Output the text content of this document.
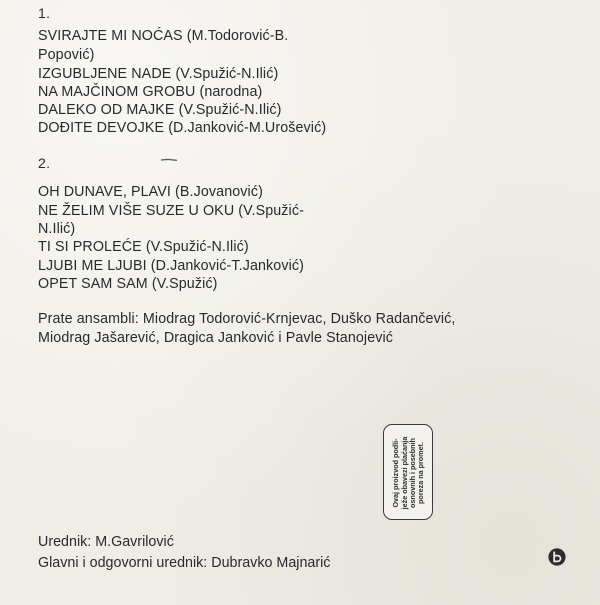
1.
SVIRAJTE MI NOĆAS (M.Todorović-B.
Popović)
IZGUBLJENE NADE (V.Spužić-N.Ilić)
NA MAJČINOM GROBU (narodna)
DALEKO OD MAJKE (V.Spužić-N.Ilić)
DOĐITE DEVOJKE (D.Janković-M.Urošević)
2.
OH DUNAVE, PLAVI (B.Jovanović)
NE ŽELIM VIŠE SUZE U OKU (V.Spužić-
N.Ilić)
TI SI PROLEĆE (V.Spužić-N.Ilić)
LJUBI ME LJUBI (D.Janković-T.Janković)
OPET SAM SAM (V.Spužić)
Prate ansambli: Miodrag Todorović-Krnjevac, Duško Radančević,
Miodrag Jašarević, Dragica Janković i Pavle Stanojević
Ovaj proizvod podli- ježe obavezi plaćanja osnovnih i posebnih poreza na promet.
Urednik: M.Gavrilović
Glavni i odgovorni urednik: Dubravko Majnarić
